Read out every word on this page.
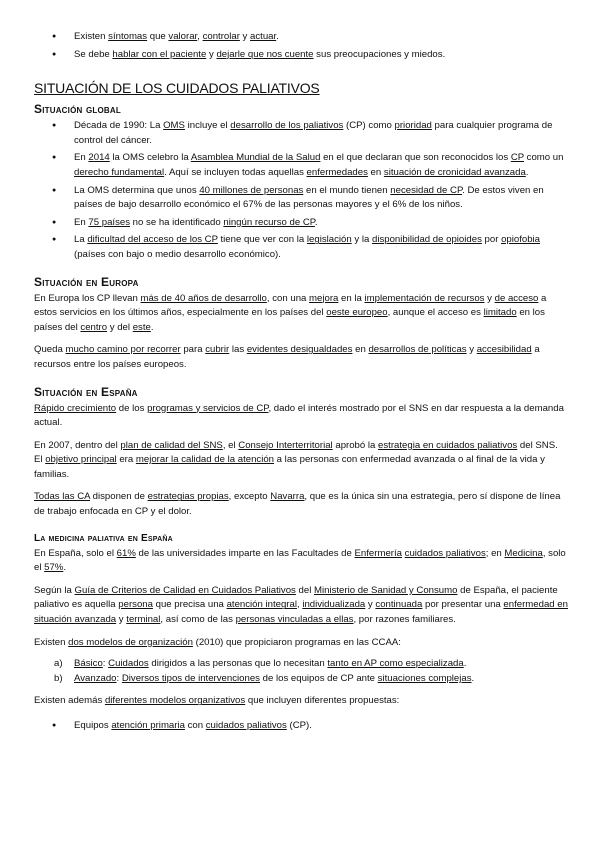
● Existen síntomas que valorar, controlar y actuar.
● Se debe hablar con el paciente y dejarle que nos cuente sus preocupaciones y miedos.
SITUACIÓN DE LOS CUIDADOS PALIATIVOS
Situación global
● Década de 1990: La OMS incluye el desarrollo de los paliativos (CP) como prioridad para cualquier programa de control del cáncer.
● En 2014 la OMS celebro la Asamblea Mundial de la Salud en el que declaran que son reconocidos los CP como un derecho fundamental. Aquí se incluyen todas aquellas enfermedades en situación de cronicidad avanzada.
● La OMS determina que unos 40 millones de personas en el mundo tienen necesidad de CP. De estos viven en países de bajo desarrollo económico el 67% de las personas mayores y el 6% de los niños.
● En 75 países no se ha identificado ningún recurso de CP.
● La dificultad del acceso de los CP tiene que ver con la legislación y la disponibilidad de opioides por opiofobia (países con bajo o medio desarrollo económico).
Situación en Europa

En Europa los CP llevan más de 40 años de desarrollo, con una mejora en la implementación de recursos y de acceso a estos servicios en los últimos años, especialmente en los países del oeste europeo, aunque el acceso es limitado en los países del centro y del este.

Queda mucho camino por recorrer para cubrir las evidentes desigualdades en desarrollos de políticas y accesibilidad a recursos entre los países europeos.

Situación en España

Rápido crecimiento de los programas y servicios de CP, dado el interés mostrado por el SNS en dar respuesta a la demanda actual.

En 2007, dentro del plan de calidad del SNS, el Consejo Interterritorial aprobó la estrategia en cuidados paliativos del SNS. El objetivo principal era mejorar la calidad de la atención a las personas con enfermedad avanzada o al final de la vida y familias.

Todas las CA disponen de estrategias propias, excepto Navarra, que es la única sin una estrategia, pero sí dispone de línea de trabajo enfocada en CP y el dolor.

La medicina paliativa en España

En España, solo el 61% de las universidades imparte en las Facultades de Enfermería cuidados paliativos; en Medicina, solo el 57%.

Según la Guía de Criterios de Calidad en Cuidados Paliativos del Ministerio de Sanidad y Consumo de España, el paciente paliativo es aquella persona que precisa una atención integral, individualizada y continuada por presentar una enfermedad en situación avanzada y terminal, así como de las personas vinculadas a ellas, por razones familiares.

Existen dos modelos de organización (2010) que propiciaron programas en las CCAA:

a) Básico: Cuidados dirigidos a las personas que lo necesitan tanto en AP como especializada.
b) Avanzado: Diversos tipos de intervenciones de los equipos de CP ante situaciones complejas.

Existen además diferentes modelos organizativos que incluyen diferentes propuestas:

● Equipos atención primaria con cuidados paliativos (CP).
